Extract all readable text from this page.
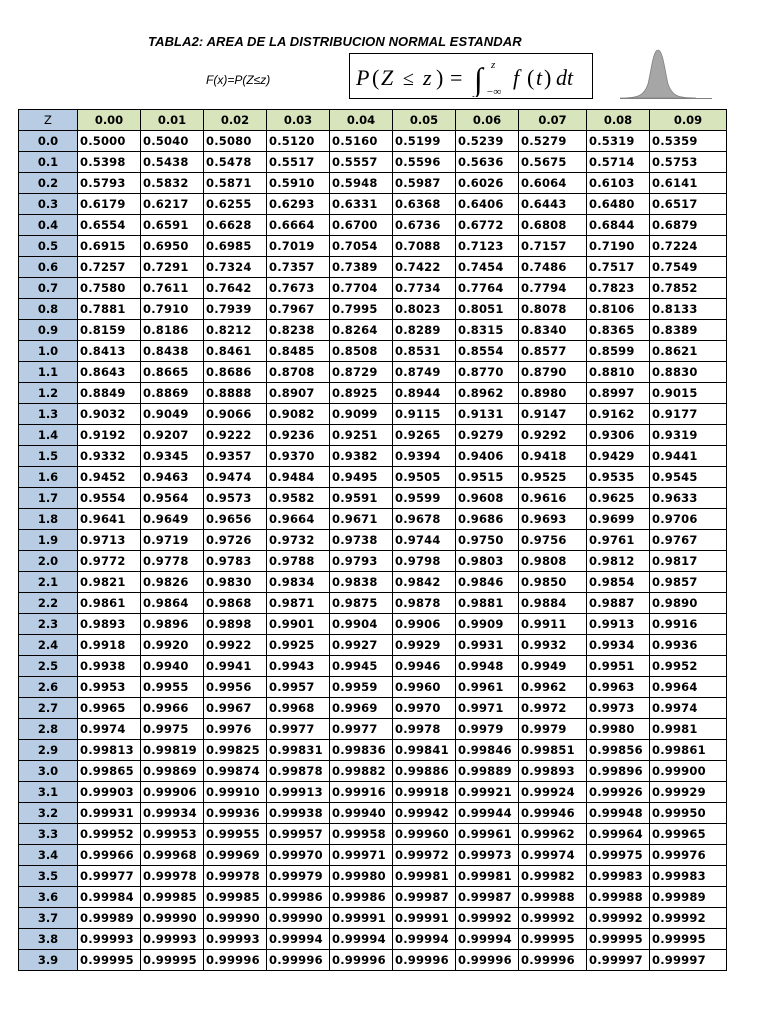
TABLA2: AREA DE LA DISTRIBUCION NORMAL ESTANDAR
F(x)=P(Z≤z)	P ( Z ≤ z ) = ∫ z
−∞
f ( t ) dt
Z	0.00	0.01	0.02	0.03	0.04	0.05	0.06	0.07	0.08	0.09
0.0	0.5000	0.5040	0.5080	0.5120	0.5160	0.5199	0.5239	0.5279	0.5319	0.5359
0.1	0.5398	0.5438	0.5478	0.5517	0.5557	0.5596	0.5636	0.5675	0.5714	0.5753
0.2	0.5793	0.5832	0.5871	0.5910	0.5948	0.5987	0.6026	0.6064	0.6103	0.6141
0.3	0.6179	0.6217	0.6255	0.6293	0.6331	0.6368	0.6406	0.6443	0.6480	0.6517
0.4	0.6554	0.6591	0.6628	0.6664	0.6700	0.6736	0.6772	0.6808	0.6844	0.6879
0.5	0.6915	0.6950	0.6985	0.7019	0.7054	0.7088	0.7123	0.7157	0.7190	0.7224
0.6	0.7257	0.7291	0.7324	0.7357	0.7389	0.7422	0.7454	0.7486	0.7517	0.7549
0.7	0.7580	0.7611	0.7642	0.7673	0.7704	0.7734	0.7764	0.7794	0.7823	0.7852
0.8	0.7881	0.7910	0.7939	0.7967	0.7995	0.8023	0.8051	0.8078	0.8106	0.8133
0.9	0.8159	0.8186	0.8212	0.8238	0.8264	0.8289	0.8315	0.8340	0.8365	0.8389
1.0	0.8413	0.8438	0.8461	0.8485	0.8508	0.8531	0.8554	0.8577	0.8599	0.8621
1.1	0.8643	0.8665	0.8686	0.8708	0.8729	0.8749	0.8770	0.8790	0.8810	0.8830
1.2	0.8849	0.8869	0.8888	0.8907	0.8925	0.8944	0.8962	0.8980	0.8997	0.9015
1.3	0.9032	0.9049	0.9066	0.9082	0.9099	0.9115	0.9131	0.9147	0.9162	0.9177
1.4	0.9192	0.9207	0.9222	0.9236	0.9251	0.9265	0.9279	0.9292	0.9306	0.9319
1.5	0.9332	0.9345	0.9357	0.9370	0.9382	0.9394	0.9406	0.9418	0.9429	0.9441
1.6	0.9452	0.9463	0.9474	0.9484	0.9495	0.9505	0.9515	0.9525	0.9535	0.9545
1.7	0.9554	0.9564	0.9573	0.9582	0.9591	0.9599	0.9608	0.9616	0.9625	0.9633
1.8	0.9641	0.9649	0.9656	0.9664	0.9671	0.9678	0.9686	0.9693	0.9699	0.9706
1.9	0.9713	0.9719	0.9726	0.9732	0.9738	0.9744	0.9750	0.9756	0.9761	0.9767
2.0	0.9772	0.9778	0.9783	0.9788	0.9793	0.9798	0.9803	0.9808	0.9812	0.9817
2.1	0.9821	0.9826	0.9830	0.9834	0.9838	0.9842	0.9846	0.9850	0.9854	0.9857
2.2	0.9861	0.9864	0.9868	0.9871	0.9875	0.9878	0.9881	0.9884	0.9887	0.9890
2.3	0.9893	0.9896	0.9898	0.9901	0.9904	0.9906	0.9909	0.9911	0.9913	0.9916
2.4	0.9918	0.9920	0.9922	0.9925	0.9927	0.9929	0.9931	0.9932	0.9934	0.9936
2.5	0.9938	0.9940	0.9941	0.9943	0.9945	0.9946	0.9948	0.9949	0.9951	0.9952
2.6	0.9953	0.9955	0.9956	0.9957	0.9959	0.9960	0.9961	0.9962	0.9963	0.9964
2.7	0.9965	0.9966	0.9967	0.9968	0.9969	0.9970	0.9971	0.9972	0.9973	0.9974
2.8	0.9974	0.9975	0.9976	0.9977	0.9977	0.9978	0.9979	0.9979	0.9980	0.9981
2.9	0.99813	0.99819	0.99825	0.99831	0.99836	0.99841	0.99846	0.99851	0.99856	0.99861
3.0	0.99865	0.99869	0.99874	0.99878	0.99882	0.99886	0.99889	0.99893	0.99896	0.99900
3.1	0.99903	0.99906	0.99910	0.99913	0.99916	0.99918	0.99921	0.99924	0.99926	0.99929
3.2	0.99931	0.99934	0.99936	0.99938	0.99940	0.99942	0.99944	0.99946	0.99948	0.99950
3.3	0.99952	0.99953	0.99955	0.99957	0.99958	0.99960	0.99961	0.99962	0.99964	0.99965
3.4	0.99966	0.99968	0.99969	0.99970	0.99971	0.99972	0.99973	0.99974	0.99975	0.99976
3.5	0.99977	0.99978	0.99978	0.99979	0.99980	0.99981	0.99981	0.99982	0.99983	0.99983
3.6	0.99984	0.99985	0.99985	0.99986	0.99986	0.99987	0.99987	0.99988	0.99988	0.99989
3.7	0.99989	0.99990	0.99990	0.99990	0.99991	0.99991	0.99992	0.99992	0.99992	0.99992
3.8	0.99993	0.99993	0.99993	0.99994	0.99994	0.99994	0.99994	0.99995	0.99995	0.99995
3.9	0.99995	0.99995	0.99996	0.99996	0.99996	0.99996	0.99996	0.99996	0.99997	0.99997
